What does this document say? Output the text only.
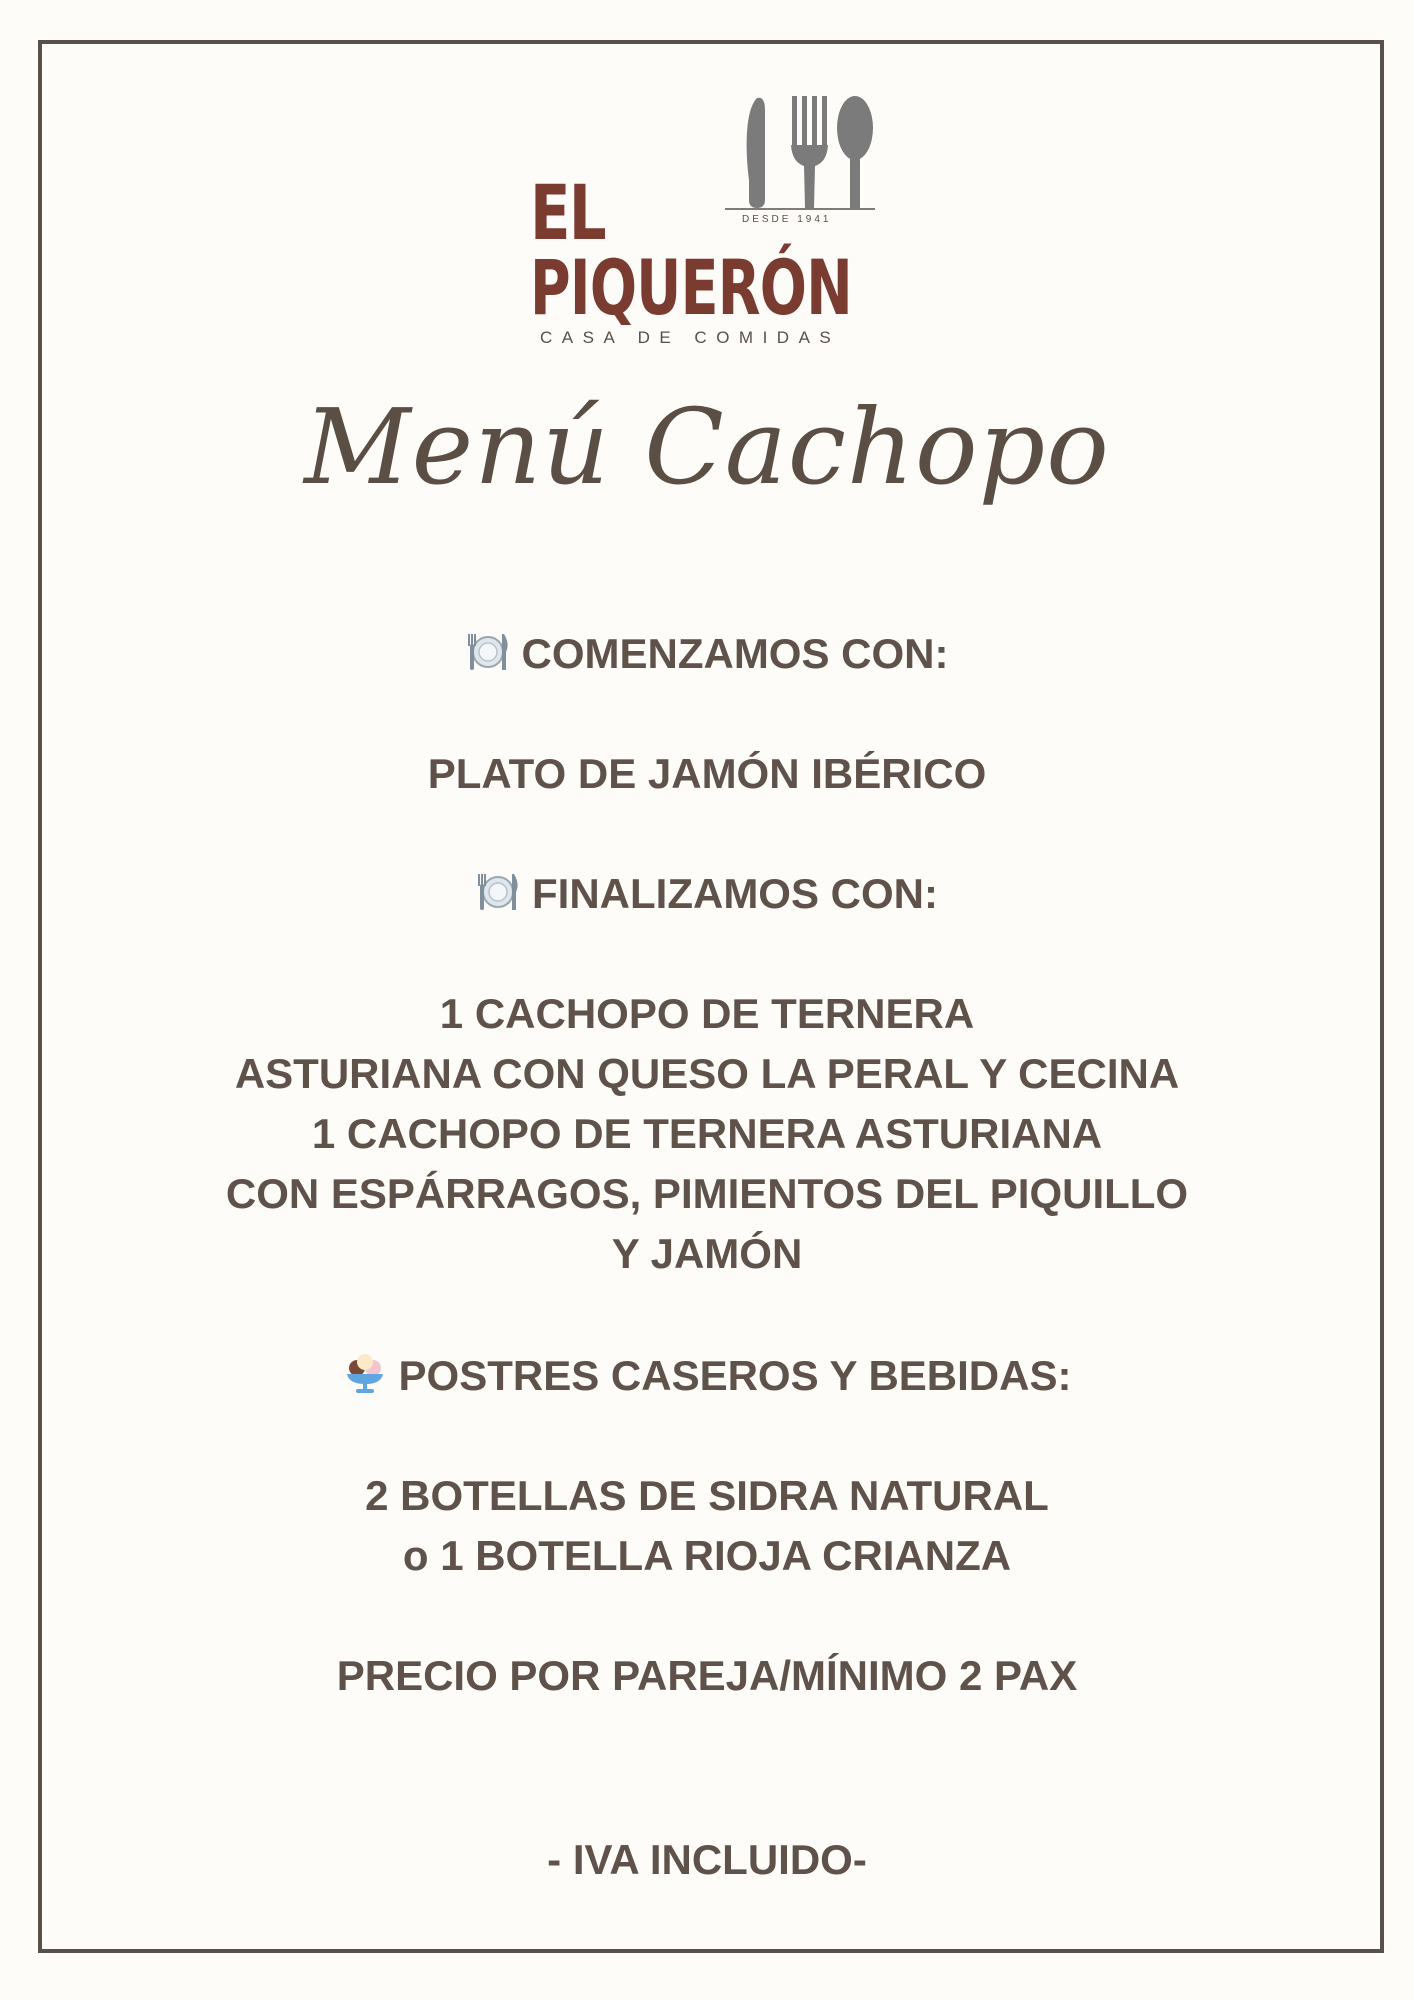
DESDE 1941
EL
PIQUERÓN
CASA DE COMIDAS
Menú Cachopo
COMENZAMOS CON:
PLATO DE JAMÓN IBÉRICO
FINALIZAMOS CON:
1 CACHOPO DE TERNERA
ASTURIANA CON QUESO LA PERAL Y CECINA
1 CACHOPO DE TERNERA ASTURIANA
CON ESPÁRRAGOS, PIMIENTOS DEL PIQUILLO
Y JAMÓN
POSTRES CASEROS Y BEBIDAS:
2 BOTELLAS DE SIDRA NATURAL
o 1 BOTELLA RIOJA CRIANZA
PRECIO POR PAREJA/MÍNIMO 2 PAX
- IVA INCLUIDO-
